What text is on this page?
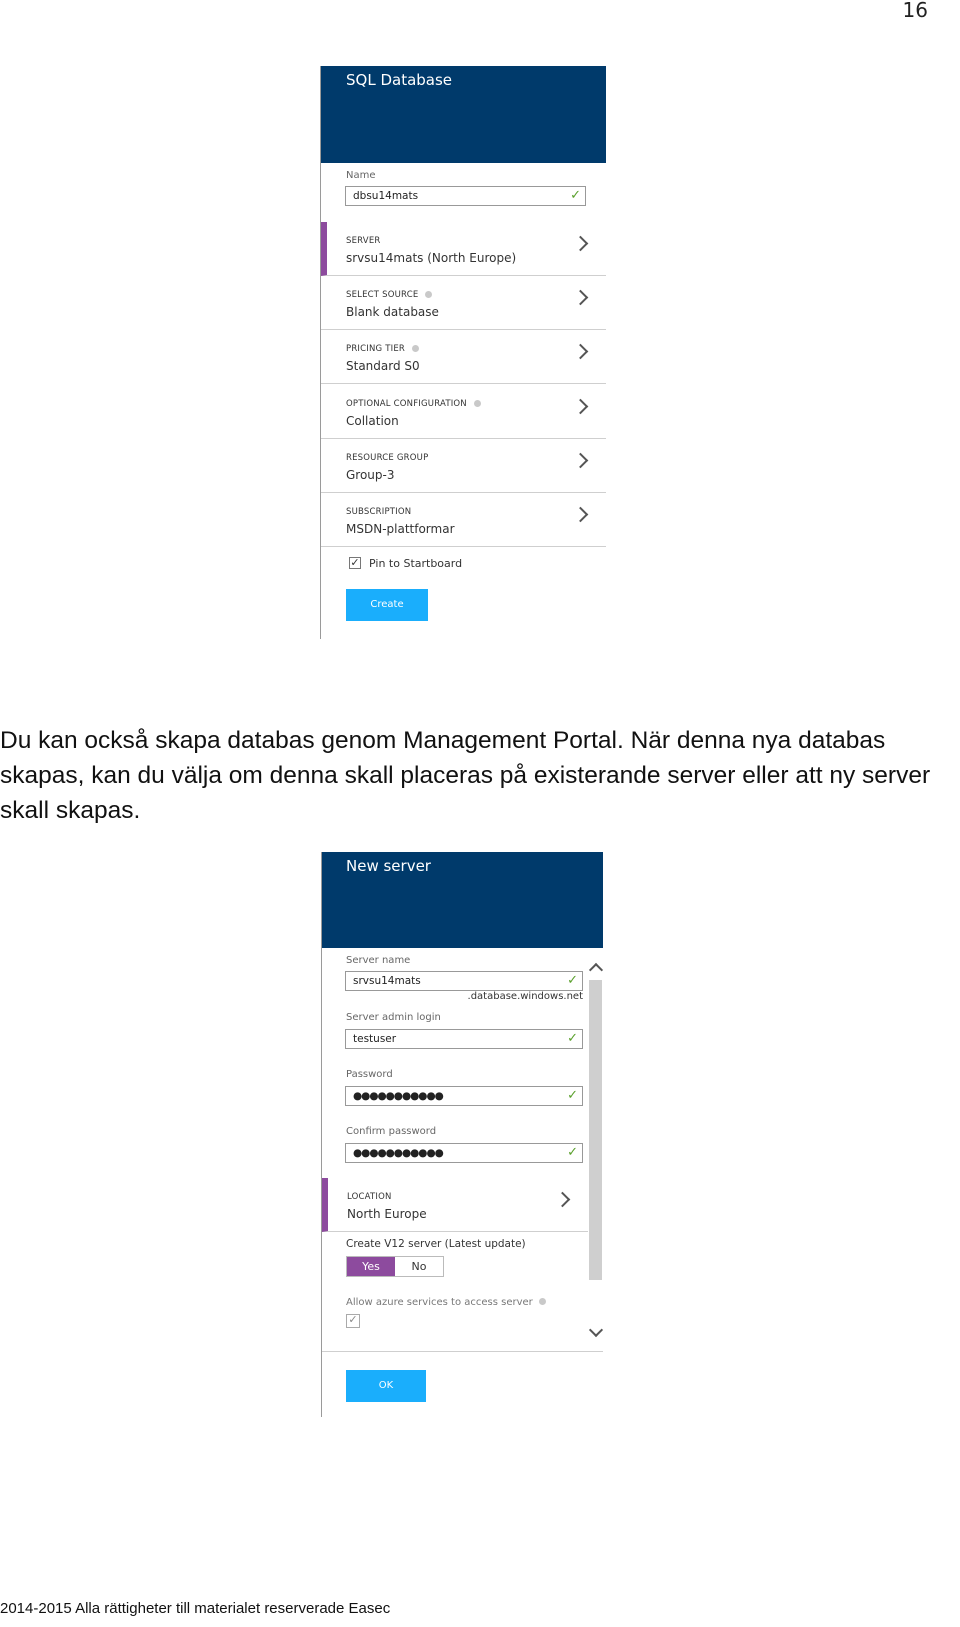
16
SQL Database
Name
dbsu14mats	✓
SERVER
srvsu14mats (North Europe)
SELECT SOURCE
Blank database
PRICING TIER
Standard S0
OPTIONAL CONFIGURATION
Collation
RESOURCE GROUP
Group-3
SUBSCRIPTION
MSDN-plattformar
✓ Pin to Startboard
Create
Du kan också skapa databas genom Management Portal. När denna nya databas skapas, kan du välja om denna skall placeras på existerande server eller att ny server skall skapas.
New server
Server name
srvsu14mats	✓
.database.windows.net
Server admin login
testuser	✓
Password
●●●●●●●●●●●	✓
Confirm password
●●●●●●●●●●●	✓
LOCATION
North Europe
Create V12 server (Latest update)
Yes	No
Allow azure services to access server
✓
OK
2014-2015 Alla rättigheter till materialet reserverade Easec
